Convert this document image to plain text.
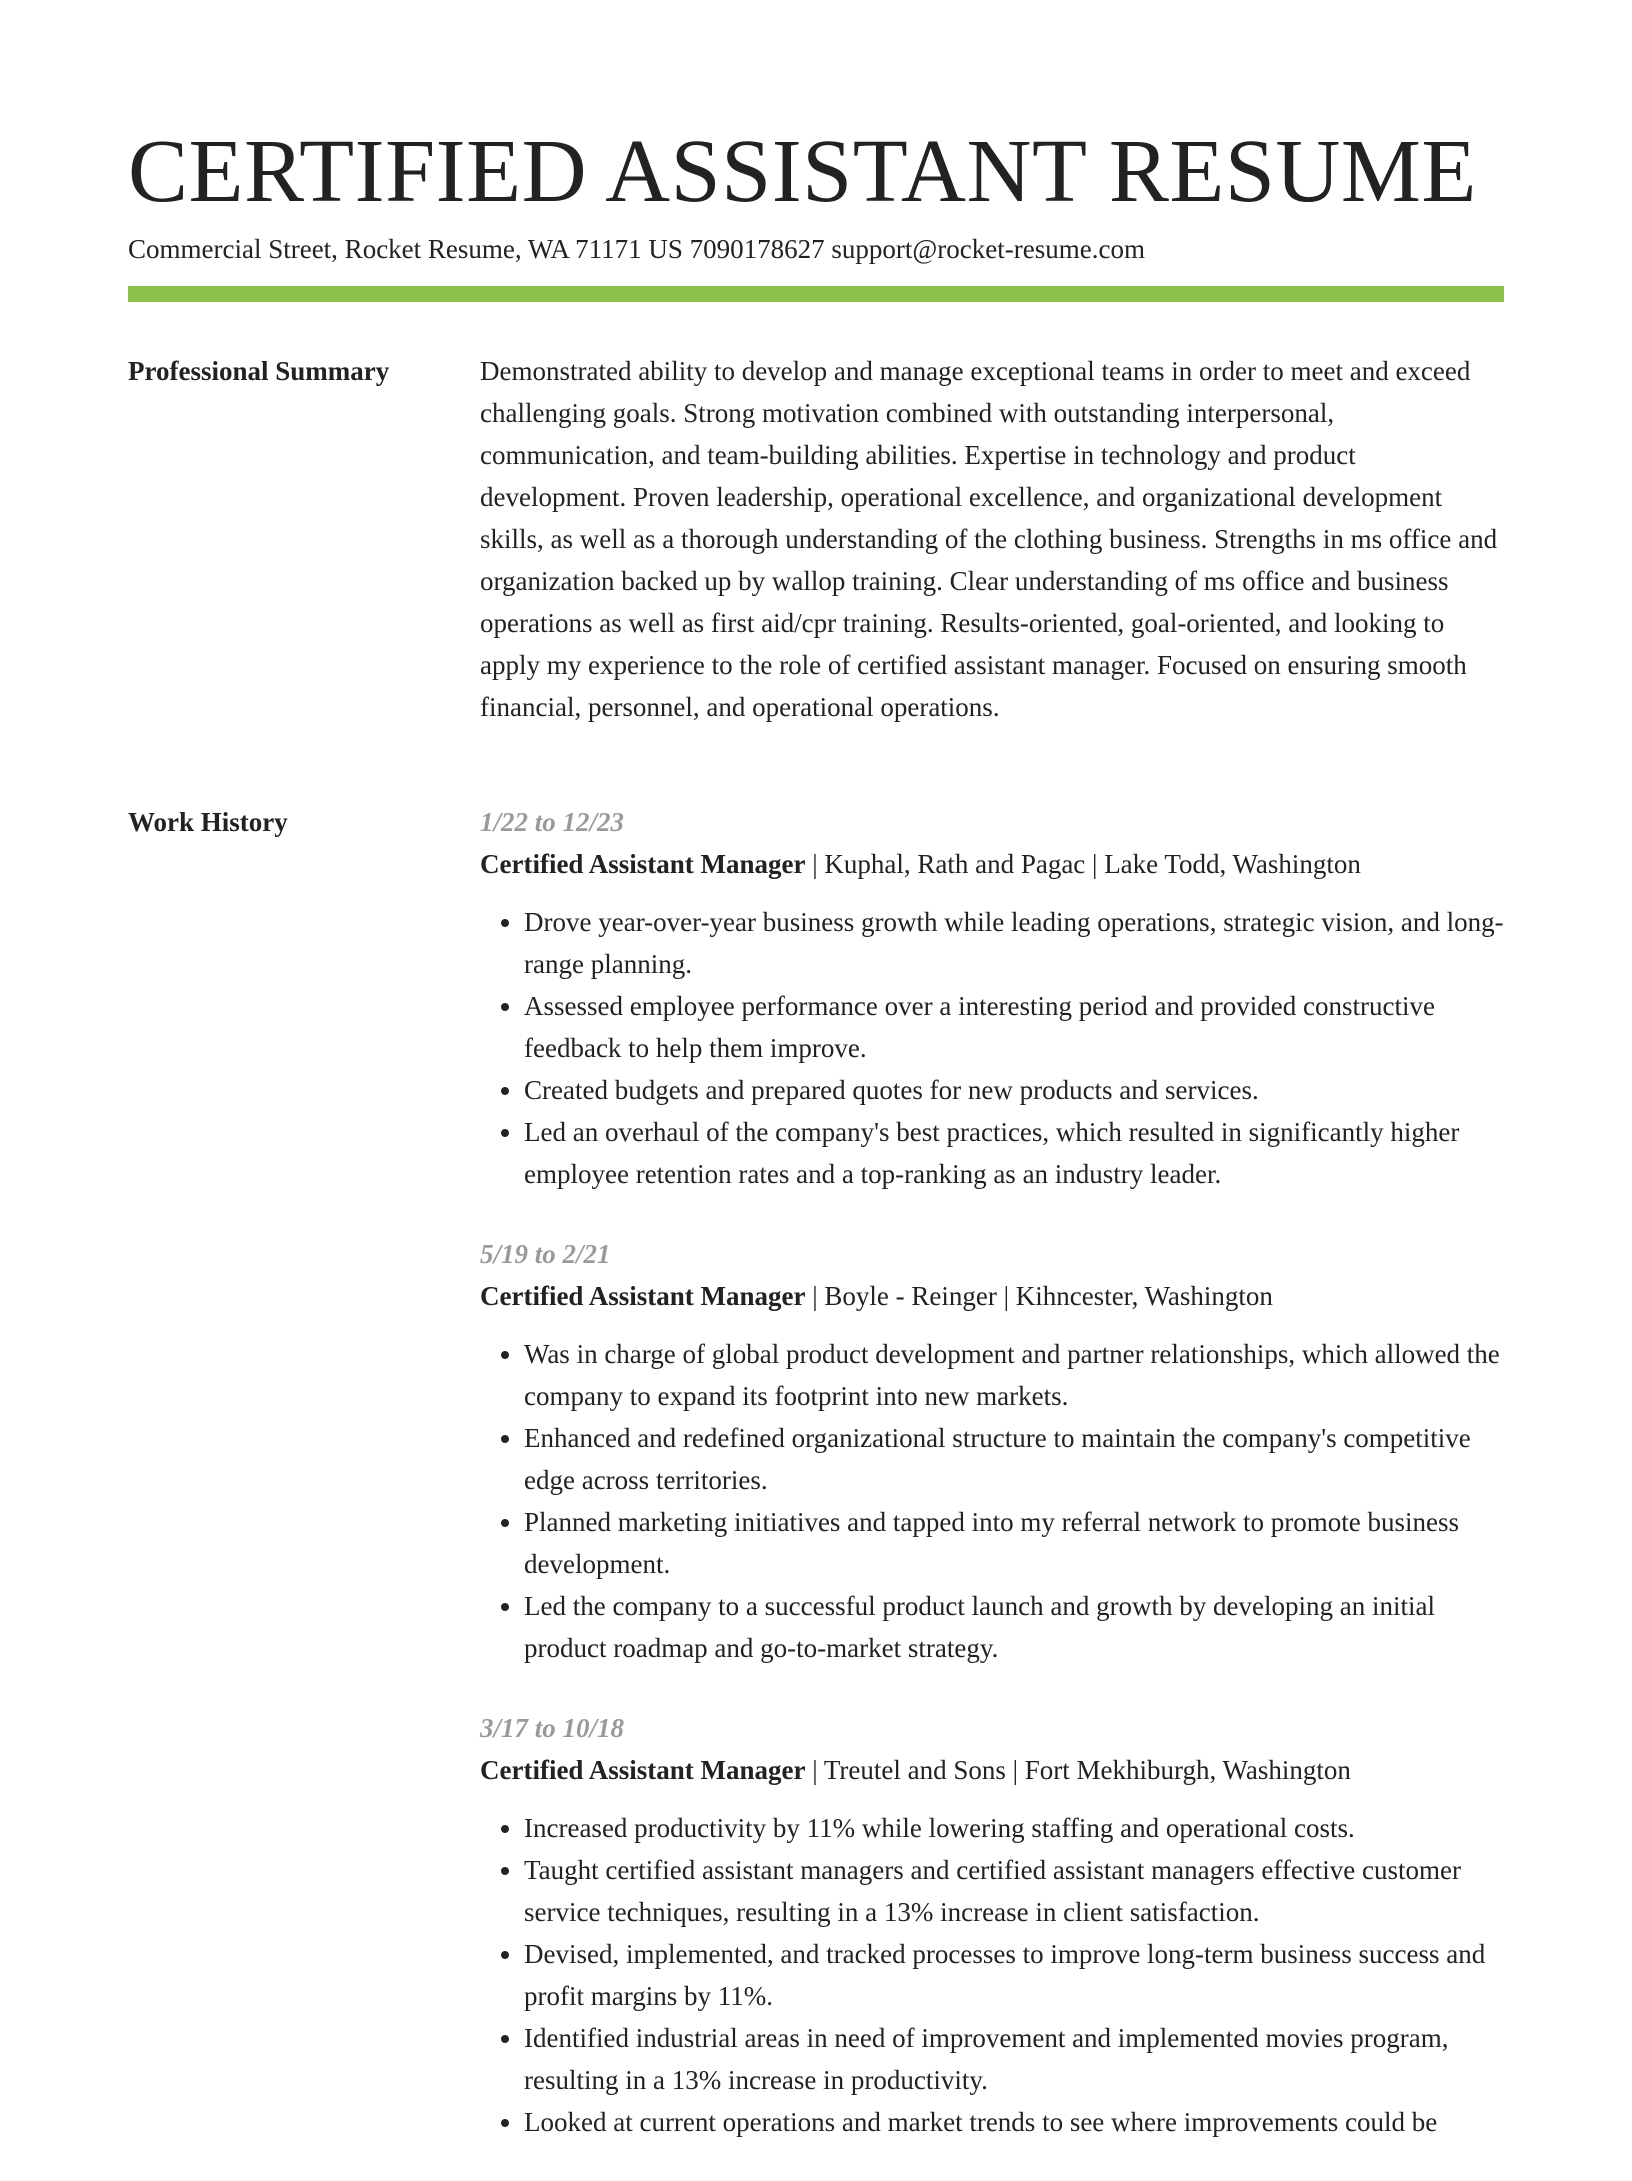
CERTIFIED ASSISTANT RESUME
Commercial Street, Rocket Resume, WA 71171 US 7090178627 support@rocket-resume.com
Professional Summary	Demonstrated ability to develop and manage exceptional teams in order to meet and exceed challenging goals. Strong motivation combined with outstanding interpersonal, communication, and team-building abilities. Expertise in technology and product development. Proven leadership, operational excellence, and organizational development skills, as well as a thorough understanding of the clothing business. Strengths in ms office and organization backed up by wallop training. Clear understanding of ms office and business operations as well as first aid/cpr training. Results-oriented, goal-oriented, and looking to apply my experience to the role of certified assistant manager. Focused on ensuring smooth financial, personnel, and operational operations.

Work History	1/22 to 12/23
Certified Assistant Manager | Kuphal, Rath and Pagac | Lake Todd, Washington
• Drove year-over-year business growth while leading operations, strategic vision, and long-range planning.
• Assessed employee performance over a interesting period and provided constructive feedback to help them improve.
• Created budgets and prepared quotes for new products and services.
• Led an overhaul of the company's best practices, which resulted in significantly higher employee retention rates and a top-ranking as an industry leader.
5/19 to 2/21
Certified Assistant Manager | Boyle - Reinger | Kihncester, Washington
• Was in charge of global product development and partner relationships, which allowed the company to expand its footprint into new markets.
• Enhanced and redefined organizational structure to maintain the company's competitive edge across territories.
• Planned marketing initiatives and tapped into my referral network to promote business development.
• Led the company to a successful product launch and growth by developing an initial product roadmap and go-to-market strategy.
3/17 to 10/18
Certified Assistant Manager | Treutel and Sons | Fort Mekhiburgh, Washington
• Increased productivity by 11% while lowering staffing and operational costs.
• Taught certified assistant managers and certified assistant managers effective customer service techniques, resulting in a 13% increase in client satisfaction.
• Devised, implemented, and tracked processes to improve long-term business success and profit margins by 11%.
• Identified industrial areas in need of improvement and implemented movies program, resulting in a 13% increase in productivity.
• Looked at current operations and market trends to see where improvements could be
